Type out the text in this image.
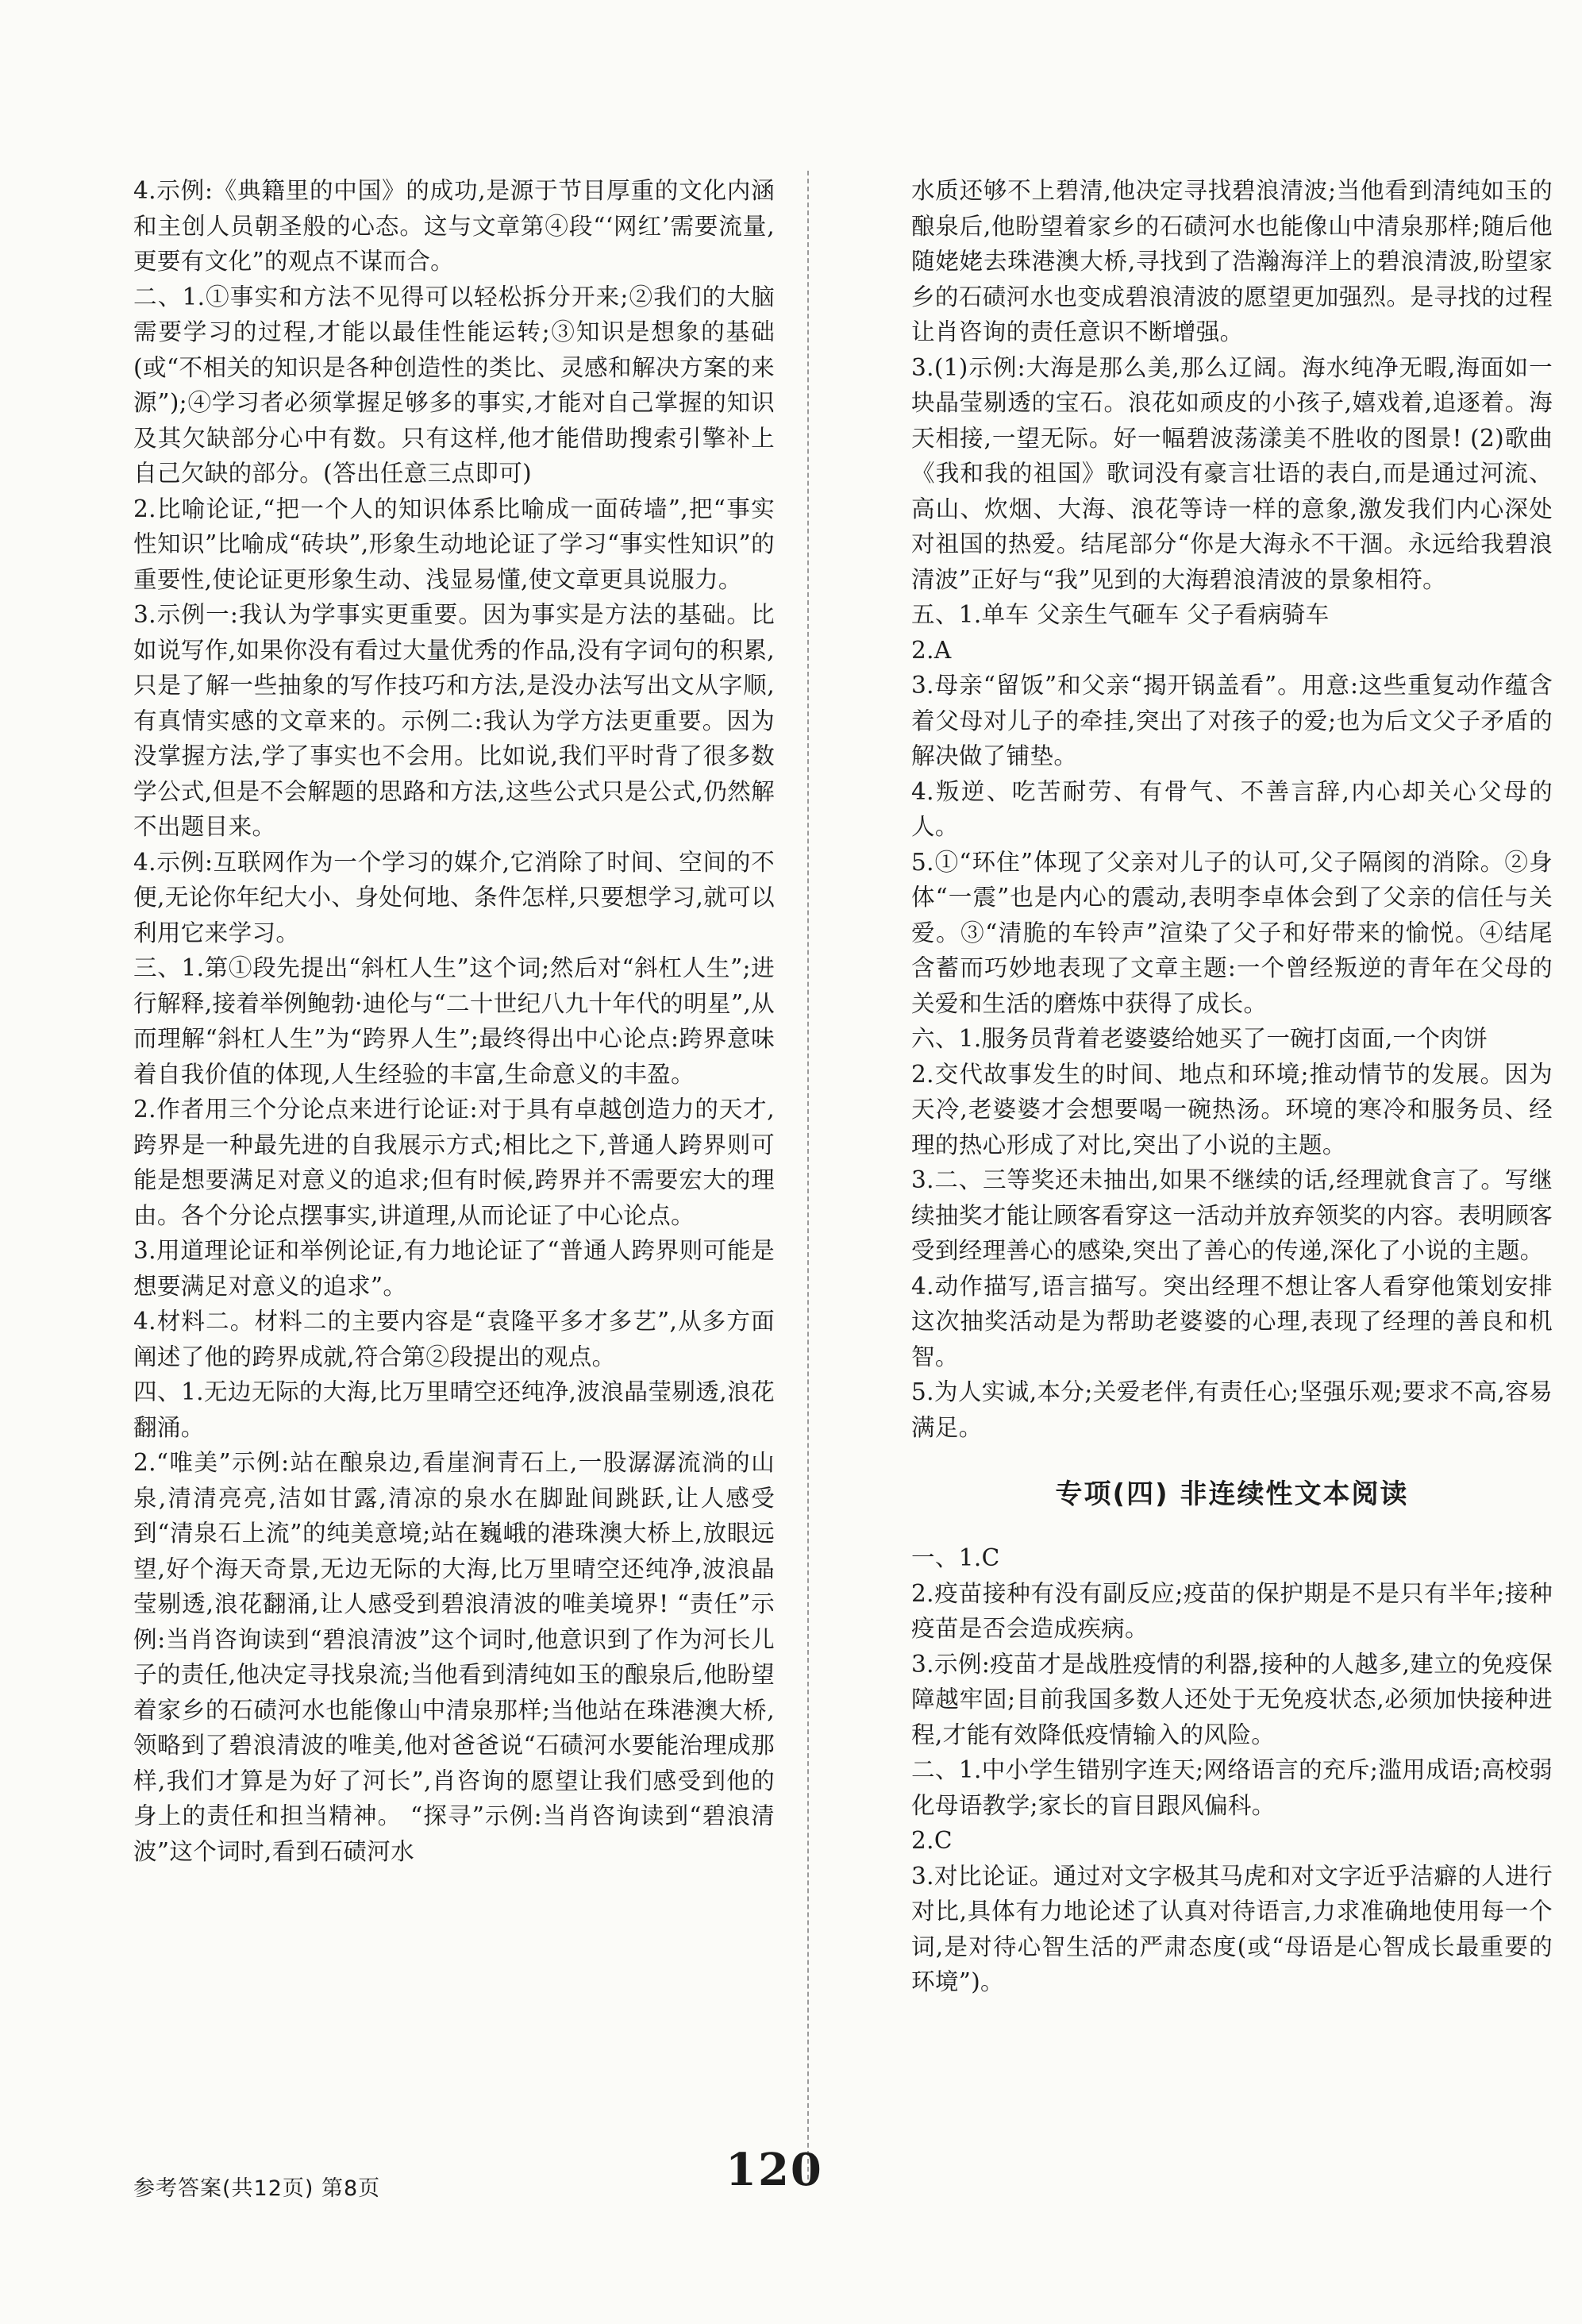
4.示例:《典籍里的中国》的成功,是源于节目厚重的文化内涵和主创人员朝圣般的心态。这与文章第④段“‘网红’需要流量,更要有文化”的观点不谋而合。

二、1.①事实和方法不见得可以轻松拆分开来;②我们的大脑需要学习的过程,才能以最佳性能运转;③知识是想象的基础(或“不相关的知识是各种创造性的类比、灵感和解决方案的来源”);④学习者必须掌握足够多的事实,才能对自己掌握的知识及其欠缺部分心中有数。只有这样,他才能借助搜索引擎补上自己欠缺的部分。(答出任意三点即可)

2.比喻论证,“把一个人的知识体系比喻成一面砖墙”,把“事实性知识”比喻成“砖块”,形象生动地论证了学习“事实性知识”的重要性,使论证更形象生动、浅显易懂,使文章更具说服力。

3.示例一:我认为学事实更重要。因为事实是方法的基础。比如说写作,如果你没有看过大量优秀的作品,没有字词句的积累,只是了解一些抽象的写作技巧和方法,是没办法写出文从字顺,有真情实感的文章来的。示例二:我认为学方法更重要。因为没掌握方法,学了事实也不会用。比如说,我们平时背了很多数学公式,但是不会解题的思路和方法,这些公式只是公式,仍然解不出题目来。

4.示例:互联网作为一个学习的媒介,它消除了时间、空间的不便,无论你年纪大小、身处何地、条件怎样,只要想学习,就可以利用它来学习。

三、1.第①段先提出“斜杠人生”这个词;然后对“斜杠人生”;进行解释,接着举例鲍勃·迪伦与“二十世纪八九十年代的明星”,从而理解“斜杠人生”为“跨界人生”;最终得出中心论点:跨界意味着自我价值的体现,人生经验的丰富,生命意义的丰盈。

2.作者用三个分论点来进行论证:对于具有卓越创造力的天才,跨界是一种最先进的自我展示方式;相比之下,普通人跨界则可能是想要满足对意义的追求;但有时候,跨界并不需要宏大的理由。各个分论点摆事实,讲道理,从而论证了中心论点。

3.用道理论证和举例论证,有力地论证了“普通人跨界则可能是想要满足对意义的追求”。

4.材料二。材料二的主要内容是“袁隆平多才多艺”,从多方面阐述了他的跨界成就,符合第②段提出的观点。

四、1.无边无际的大海,比万里晴空还纯净,波浪晶莹剔透,浪花翻涌。

2.“唯美”示例:站在酿泉边,看崖涧青石上,一股潺潺流淌的山泉,清清亮亮,洁如甘露,清凉的泉水在脚趾间跳跃,让人感受到“清泉石上流”的纯美意境;站在巍峨的港珠澳大桥上,放眼远望,好个海天奇景,无边无际的大海,比万里晴空还纯净,波浪晶莹剔透,浪花翻涌,让人感受到碧浪清波的唯美境界! “责任”示例:当肖咨询读到“碧浪清波”这个词时,他意识到了作为河长儿子的责任,他决定寻找泉流;当他看到清纯如玉的酿泉后,他盼望着家乡的石碛河水也能像山中清泉那样;当他站在珠港澳大桥,领略到了碧浪清波的唯美,他对爸爸说“石碛河水要能治理成那样,我们才算是为好了河长”,肖咨询的愿望让我们感受到他的身上的责任和担当精神。 “探寻”示例:当肖咨询读到“碧浪清波”这个词时,看到石碛河水

水质还够不上碧清,他决定寻找碧浪清波;当他看到清纯如玉的酿泉后,他盼望着家乡的石碛河水也能像山中清泉那样;随后他随姥姥去珠港澳大桥,寻找到了浩瀚海洋上的碧浪清波,盼望家乡的石碛河水也变成碧浪清波的愿望更加强烈。是寻找的过程让肖咨询的责任意识不断增强。

3.(1)示例:大海是那么美,那么辽阔。海水纯净无暇,海面如一块晶莹剔透的宝石。浪花如顽皮的小孩子,嬉戏着,追逐着。海天相接,一望无际。好一幅碧波荡漾美不胜收的图景! (2)歌曲《我和我的祖国》歌词没有豪言壮语的表白,而是通过河流、高山、炊烟、大海、浪花等诗一样的意象,激发我们内心深处对祖国的热爱。结尾部分“你是大海永不干涸。永远给我碧浪清波”正好与“我”见到的大海碧浪清波的景象相符。

五、1.单车 父亲生气砸车 父子看病骑车

2.A

3.母亲“留饭”和父亲“揭开锅盖看”。用意:这些重复动作蕴含着父母对儿子的牵挂,突出了对孩子的爱;也为后文父子矛盾的解决做了铺垫。

4.叛逆、吃苦耐劳、有骨气、不善言辞,内心却关心父母的人。

5.①“环住”体现了父亲对儿子的认可,父子隔阂的消除。②身体“一震”也是内心的震动,表明李卓体会到了父亲的信任与关爱。③“清脆的车铃声”渲染了父子和好带来的愉悦。④结尾含蓄而巧妙地表现了文章主题:一个曾经叛逆的青年在父母的关爱和生活的磨炼中获得了成长。

六、1.服务员背着老婆婆给她买了一碗打卤面,一个肉饼

2.交代故事发生的时间、地点和环境;推动情节的发展。因为天冷,老婆婆才会想要喝一碗热汤。环境的寒冷和服务员、经理的热心形成了对比,突出了小说的主题。

3.二、三等奖还未抽出,如果不继续的话,经理就食言了。写继续抽奖才能让顾客看穿这一活动并放弃领奖的内容。表明顾客受到经理善心的感染,突出了善心的传递,深化了小说的主题。

4.动作描写,语言描写。突出经理不想让客人看穿他策划安排这次抽奖活动是为帮助老婆婆的心理,表现了经理的善良和机智。

5.为人实诚,本分;关爱老伴,有责任心;坚强乐观;要求不高,容易满足。

专项(四) 非连续性文本阅读

一、1.C

2.疫苗接种有没有副反应;疫苗的保护期是不是只有半年;接种疫苗是否会造成疾病。

3.示例:疫苗才是战胜疫情的利器,接种的人越多,建立的免疫保障越牢固;目前我国多数人还处于无免疫状态,必须加快接种进程,才能有效降低疫情输入的风险。

二、1.中小学生错别字连天;网络语言的充斥;滥用成语;高校弱化母语教学;家长的盲目跟风偏科。

2.C

3.对比论证。通过对文字极其马虎和对文字近乎洁癖的人进行对比,具体有力地论述了认真对待语言,力求准确地使用每一个词,是对待心智生活的严肃态度(或“母语是心智成长最重要的环境”)。

参考答案(共12页) 第8页	120
